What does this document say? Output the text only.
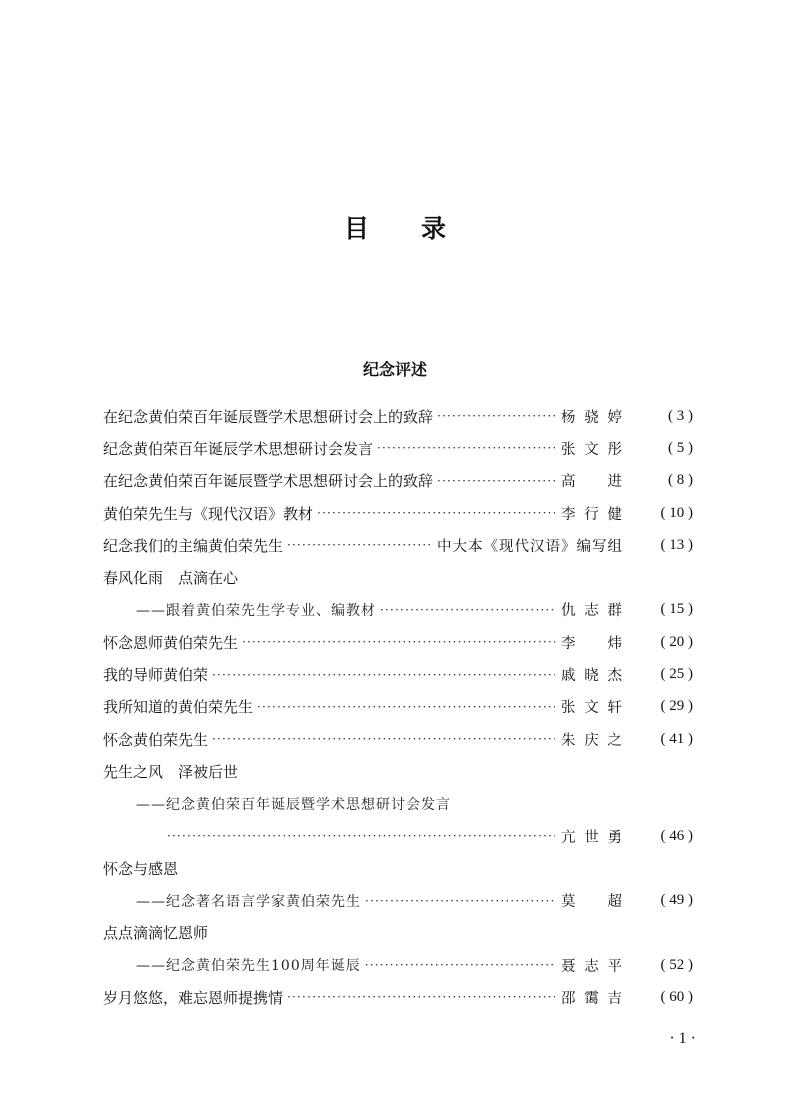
目 录
纪念评述
在纪念黄伯荣百年诞辰暨学术思想研讨会上的致辞 ·····	杨骁婷	( 3 )
纪念黄伯荣百年诞辰学术思想研讨会发言 ·····	张文彤	( 5 )
在纪念黄伯荣百年诞辰暨学术思想研讨会上的致辞 ·····	高　进	( 8 )
黄伯荣先生与《现代汉语》教材 ·····	李行健	( 10 )
纪念我们的主编黄伯荣先生 ·····	中大本《现代汉语》编写组	( 13 )
春风化雨　点滴在心
——跟着黄伯荣先生学专业、编教材 ·····	仇志群	( 15 )
怀念恩师黄伯荣先生 ·····	李　炜	( 20 )
我的导师黄伯荣 ·····	戚晓杰	( 25 )
我所知道的黄伯荣先生 ·····	张文轩	( 29 )
怀念黄伯荣先生 ·····	朱庆之	( 41 )
先生之风　泽被后世
——纪念黄伯荣百年诞辰暨学术思想研讨会发言
·····
亢世勇	( 46 )
怀念与感恩
——纪念著名语言学家黄伯荣先生 ·····	莫　超	( 49 )
点点滴滴忆恩师
——纪念黄伯荣先生100周年诞辰 ·····	聂志平	( 52 )
岁月悠悠，难忘恩师提携情 ·····	邵霭吉	( 60 )
· 1 ·
